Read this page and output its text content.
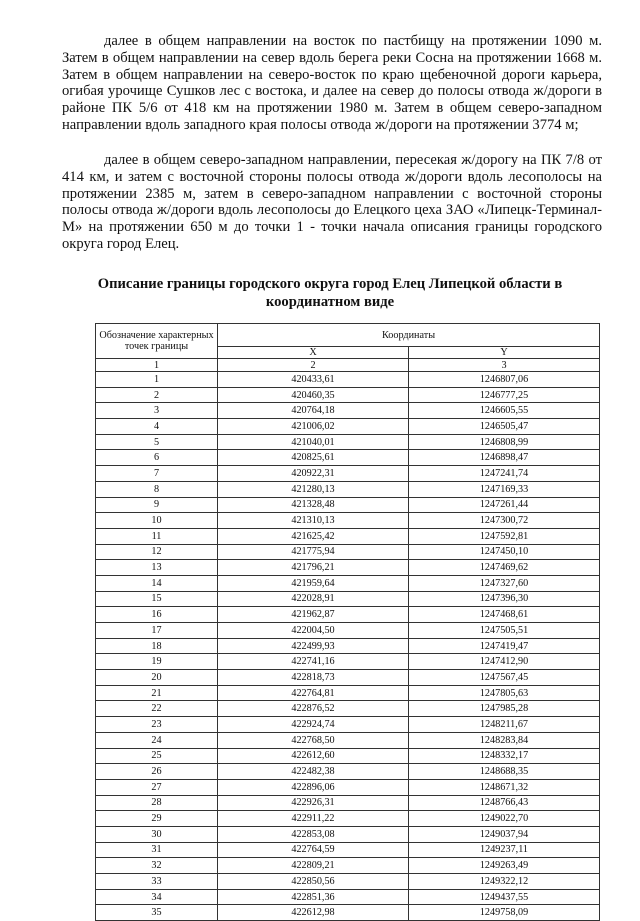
далее в общем направлении на восток по пастбищу на протяжении 1090 м. Затем в общем направлении на север вдоль берега реки Сосна на протяжении 1668 м. Затем в общем направлении на северо-восток по краю щебеночной дороги карьера, огибая урочище Сушков лес с востока, и далее на север до полосы отвода ж/дороги в районе ПК 5/6 от 418 км на протяжении 1980 м. Затем в общем северо-западном направлении вдоль западного края полосы отвода ж/дороги на протяжении 3774 м;

далее в общем северо-западном направлении, пересекая ж/дорогу на ПК 7/8 от 414 км, и затем с восточной стороны полосы отвода ж/дороги вдоль лесополосы на протяжении 2385 м, затем в северо-западном направлении с восточной стороны полосы отвода ж/дороги вдоль лесополосы до Елецкого цеха ЗАО «Липецк-Терминал-М» на протяжении 650 м до точки 1 - точки начала описания границы городского округа город Елец.

Описание границы городского округа город Елец Липецкой области в координатном виде
Обозначение характерных точек границы	Координаты	
	X	Y
1	2	3
1	420433,61	1246807,06
2	420460,35	1246777,25
3	420764,18	1246605,55
4	421006,02	1246505,47
5	421040,01	1246808,99
6	420825,61	1246898,47
7	420922,31	1247241,74
8	421280,13	1247169,33
9	421328,48	1247261,44
10	421310,13	1247300,72
11	421625,42	1247592,81
12	421775,94	1247450,10
13	421796,21	1247469,62
14	421959,64	1247327,60
15	422028,91	1247396,30
16	421962,87	1247468,61
17	422004,50	1247505,51
18	422499,93	1247419,47
19	422741,16	1247412,90
20	422818,73	1247567,45
21	422764,81	1247805,63
22	422876,52	1247985,28
23	422924,74	1248211,67
24	422768,50	1248283,84
25	422612,60	1248332,17
26	422482,38	1248688,35
27	422896,06	1248671,32
28	422926,31	1248766,43
29	422911,22	1249022,70
30	422853,08	1249037,94
31	422764,59	1249237,11
32	422809,21	1249263,49
33	422850,56	1249322,12
34	422851,36	1249437,55
35	422612,98	1249758,09
